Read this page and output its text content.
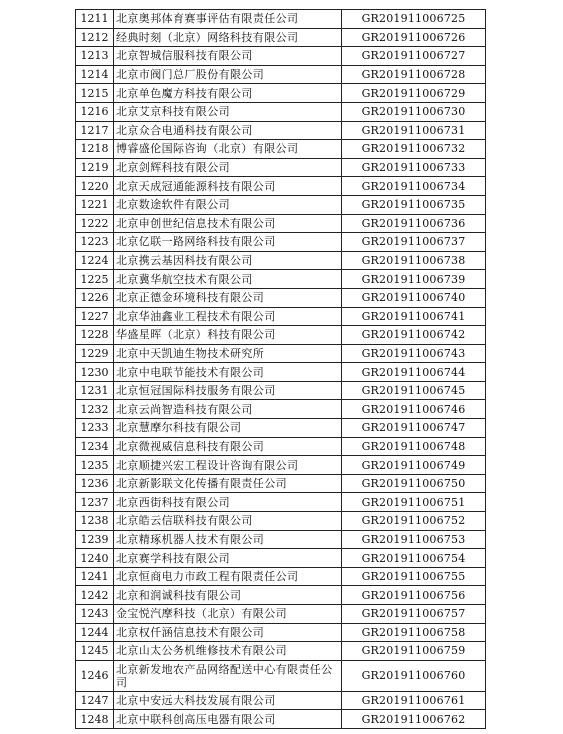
1211	北京奥邦体育赛事评估有限责任公司	GR201911006725
1212	经典时刻（北京）网络科技有限公司	GR201911006726
1213	北京智城信服科技有限公司	GR201911006727
1214	北京市阀门总厂股份有限公司	GR201911006728
1215	北京单色魔方科技有限公司	GR201911006729
1216	北京艾京科技有限公司	GR201911006730
1217	北京众合电通科技有限公司	GR201911006731
1218	博睿盛伦国际咨询（北京）有限公司	GR201911006732
1219	北京剑辉科技有限公司	GR201911006733
1220	北京天成冠通能源科技有限公司	GR201911006734
1221	北京数途软件有限公司	GR201911006735
1222	北京申创世纪信息技术有限公司	GR201911006736
1223	北京亿联一路网络科技有限公司	GR201911006737
1224	北京携云基因科技有限公司	GR201911006738
1225	北京冀华航空技术有限公司	GR201911006739
1226	北京正德金环境科技有限公司	GR201911006740
1227	北京华油鑫业工程技术有限公司	GR201911006741
1228	华盛星晖（北京）科技有限公司	GR201911006742
1229	北京中天凯迪生物技术研究所	GR201911006743
1230	北京中电联节能技术有限公司	GR201911006744
1231	北京恒冠国际科技服务有限公司	GR201911006745
1232	北京云尚智造科技有限公司	GR201911006746
1233	北京慧摩尔科技有限公司	GR201911006747
1234	北京微视威信息科技有限公司	GR201911006748
1235	北京顺捷兴宏工程设计咨询有限公司	GR201911006749
1236	北京新影联文化传播有限责任公司	GR201911006750
1237	北京西街科技有限公司	GR201911006751
1238	北京皓云信联科技有限公司	GR201911006752
1239	北京精琢机器人技术有限公司	GR201911006753
1240	北京赛学科技有限公司	GR201911006754
1241	北京恒商电力市政工程有限责任公司	GR201911006755
1242	北京和润诚科技有限公司	GR201911006756
1243	金宝悦汽摩科技（北京）有限公司	GR201911006757
1244	北京权仟涵信息技术有限公司	GR201911006758
1245	北京山太公务机维修技术有限公司	GR201911006759
1246	北京新发地农产品网络配送中心有限责任公司	GR201911006760
1247	北京中安远大科技发展有限公司	GR201911006761
1248	北京中联科创高压电器有限公司	GR201911006762
